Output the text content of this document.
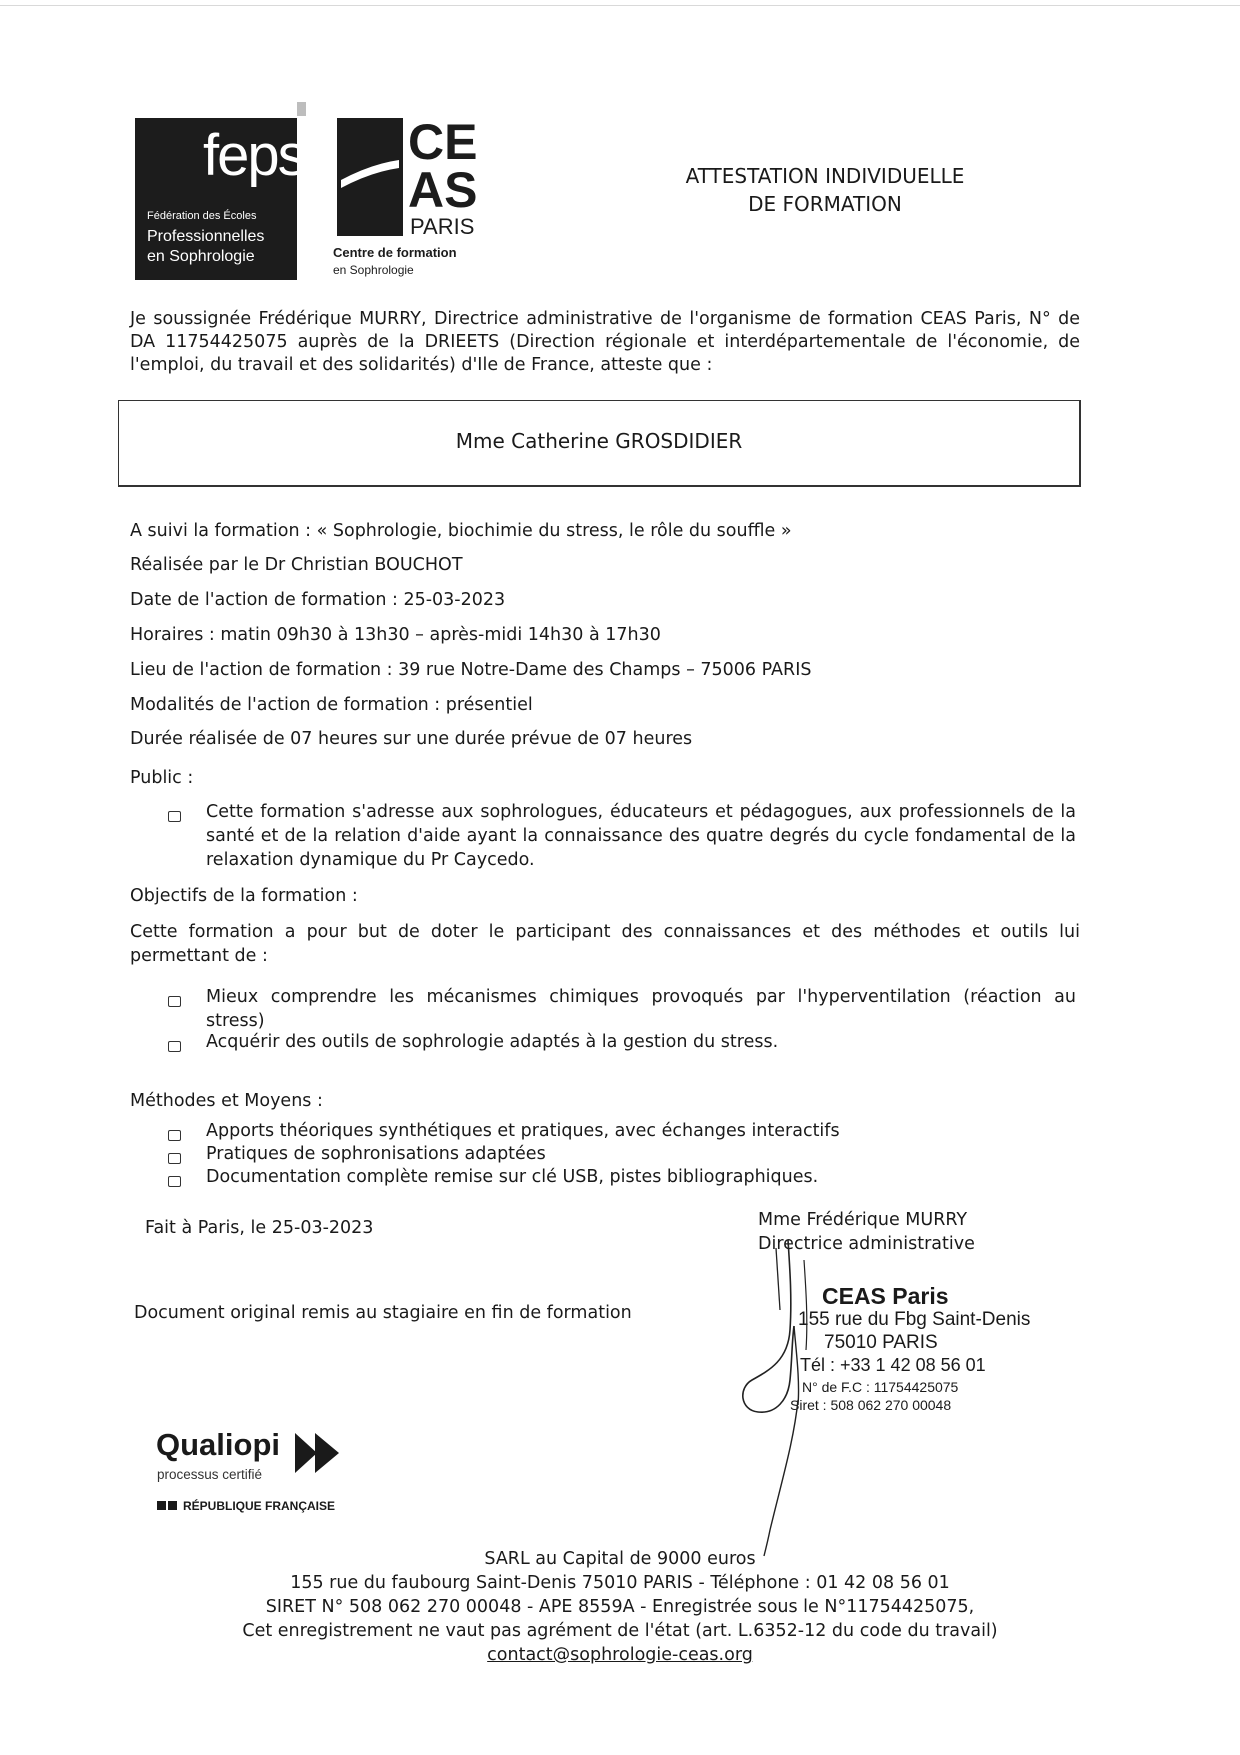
feps
Fédération des Écoles
Professionnelles
en Sophrologie
CE
AS
PARIS
Centre de formation
en Sophrologie
ATTESTATION INDIVIDUELLE
DE FORMATION
Je soussignée Frédérique MURRY, Directrice administrative de l'organisme de formation CEAS Paris, N° de DA 11754425075 auprès de la DRIEETS (Direction régionale et interdépartementale de l'économie, de l'emploi, du travail et des solidarités) d'Ile de France, atteste que :
Mme Catherine GROSDIDIER
A suivi la formation : « Sophrologie, biochimie du stress, le rôle du souffle »
Réalisée par le Dr Christian BOUCHOT
Date de l'action de formation : 25-03-2023
Horaires : matin 09h30 à 13h30 – après-midi 14h30 à 17h30
Lieu de l'action de formation : 39 rue Notre-Dame des Champs – 75006 PARIS
Modalités de l'action de formation : présentiel
Durée réalisée de 07 heures sur une durée prévue de 07 heures
Public :
Cette formation s'adresse aux sophrologues, éducateurs et pédagogues, aux professionnels de la santé et de la relation d'aide ayant la connaissance des quatre degrés du cycle fondamental de la relaxation dynamique du Pr Caycedo.
Objectifs de la formation :
Cette formation a pour but de doter le participant des connaissances et des méthodes et outils lui permettant de :
Mieux comprendre les mécanismes chimiques provoqués par l'hyperventilation (réaction au stress)
Acquérir des outils de sophrologie adaptés à la gestion du stress.
Méthodes et Moyens :
Apports théoriques synthétiques et pratiques, avec échanges interactifs
Pratiques de sophronisations adaptées
Documentation complète remise sur clé USB, pistes bibliographiques.
Fait à Paris, le 25-03-2023	Mme Frédérique MURRY
Directrice administrative
Document original remis au stagiaire en fin de formation
CEAS Paris
155 rue du Fbg Saint-Denis
75010 PARIS
Tél : +33 1 42 08 56 01
N° de F.C : 11754425075
Siret : 508 062 270 00048
Qualiopi
processus certifié
RÉPUBLIQUE FRANÇAISE
SARL au Capital de 9000 euros
155 rue du faubourg Saint-Denis 75010 PARIS - Téléphone : 01 42 08 56 01
SIRET N° 508 062 270 00048 - APE 8559A - Enregistrée sous le N°11754425075,
Cet enregistrement ne vaut pas agrément de l'état (art. L.6352-12 du code du travail)
contact@sophrologie-ceas.org
